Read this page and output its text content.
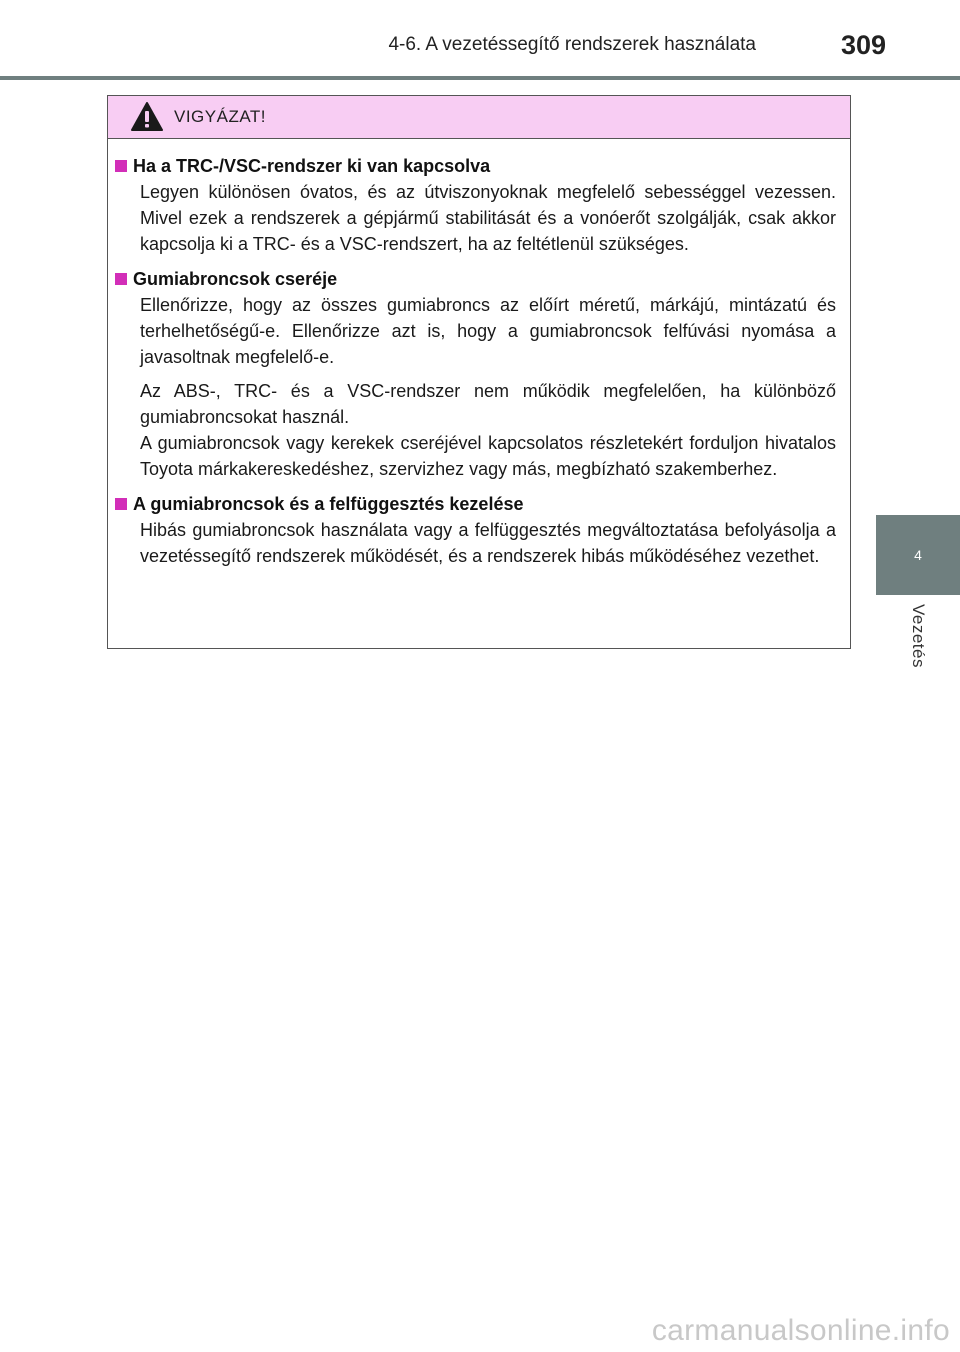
4-6. A vezetéssegítő rendszerek használata	309
4
Vezetés
VIGYÁZAT!
Ha a TRC-/VSC-rendszer ki van kapcsolva

Legyen különösen óvatos, és az útviszonyoknak megfelelő sebességgel vezessen. Mivel ezek a rendszerek a gépjármű stabilitását és a vonóerőt szolgálják, csak akkor kapcsolja ki a TRC- és a VSC-rendszert, ha az feltétlenül szükséges.

Gumiabroncsok cseréje

Ellenőrizze, hogy az összes gumiabroncs az előírt méretű, márkájú, mintázatú és terhelhetőségű-e. Ellenőrizze azt is, hogy a gumiabroncsok felfúvási nyomása a javasoltnak megfelelő-e.

Az ABS-, TRC- és a VSC-rendszer nem működik megfelelően, ha különböző gumiabroncsokat használ.

A gumiabroncsok vagy kerekek cseréjével kapcsolatos részletekért forduljon hivatalos Toyota márkakereskedéshez, szervizhez vagy más, megbízható szakemberhez.

A gumiabroncsok és a felfüggesztés kezelése

Hibás gumiabroncsok használata vagy a felfüggesztés megváltoztatása befolyásolja a vezetéssegítő rendszerek működését, és a rendszerek hibás működéséhez vezethet.

carmanualsonline.info
